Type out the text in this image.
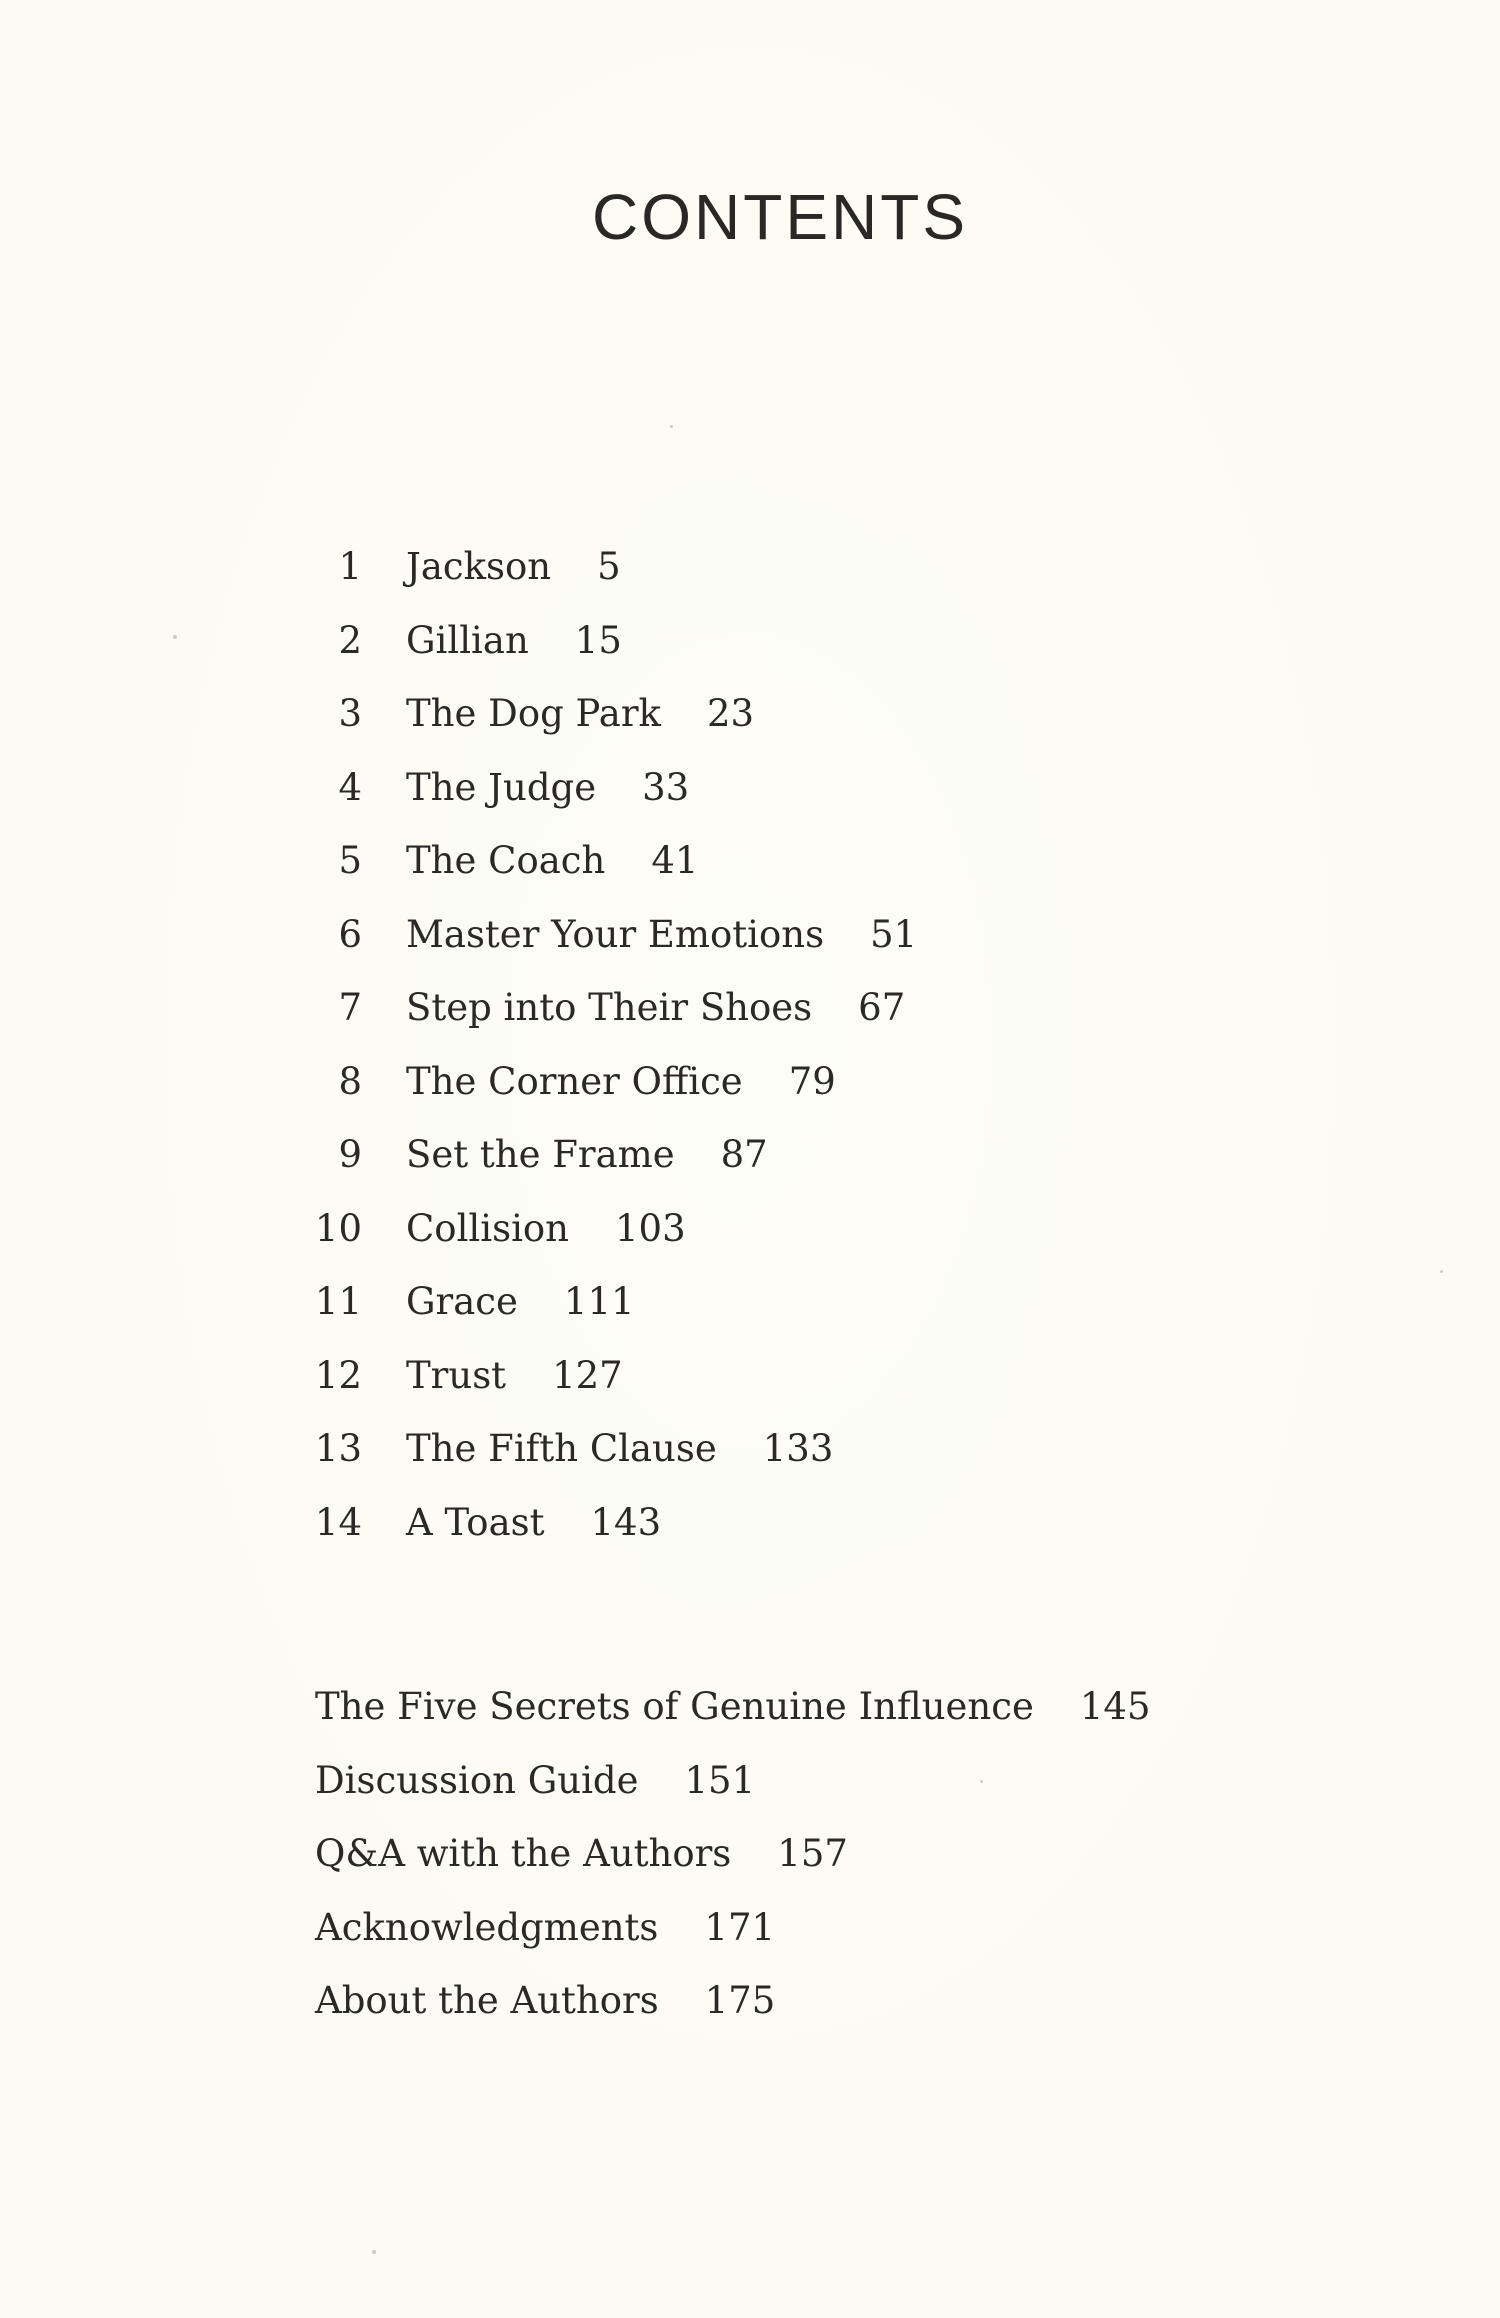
CONTENTS
1	Jackson 5
2	Gillian 15
3	The Dog Park 23
4	The Judge 33
5	The Coach 41
6	Master Your Emotions 51
7	Step into Their Shoes 67
8	The Corner Office 79
9	Set the Frame 87
10	Collision 103
11	Grace 111
12	Trust 127
13	The Fifth Clause 133
14	A Toast 143
The Five Secrets of Genuine Influence 145
Discussion Guide 151
Q&A with the Authors 157
Acknowledgments 171
About the Authors 175
